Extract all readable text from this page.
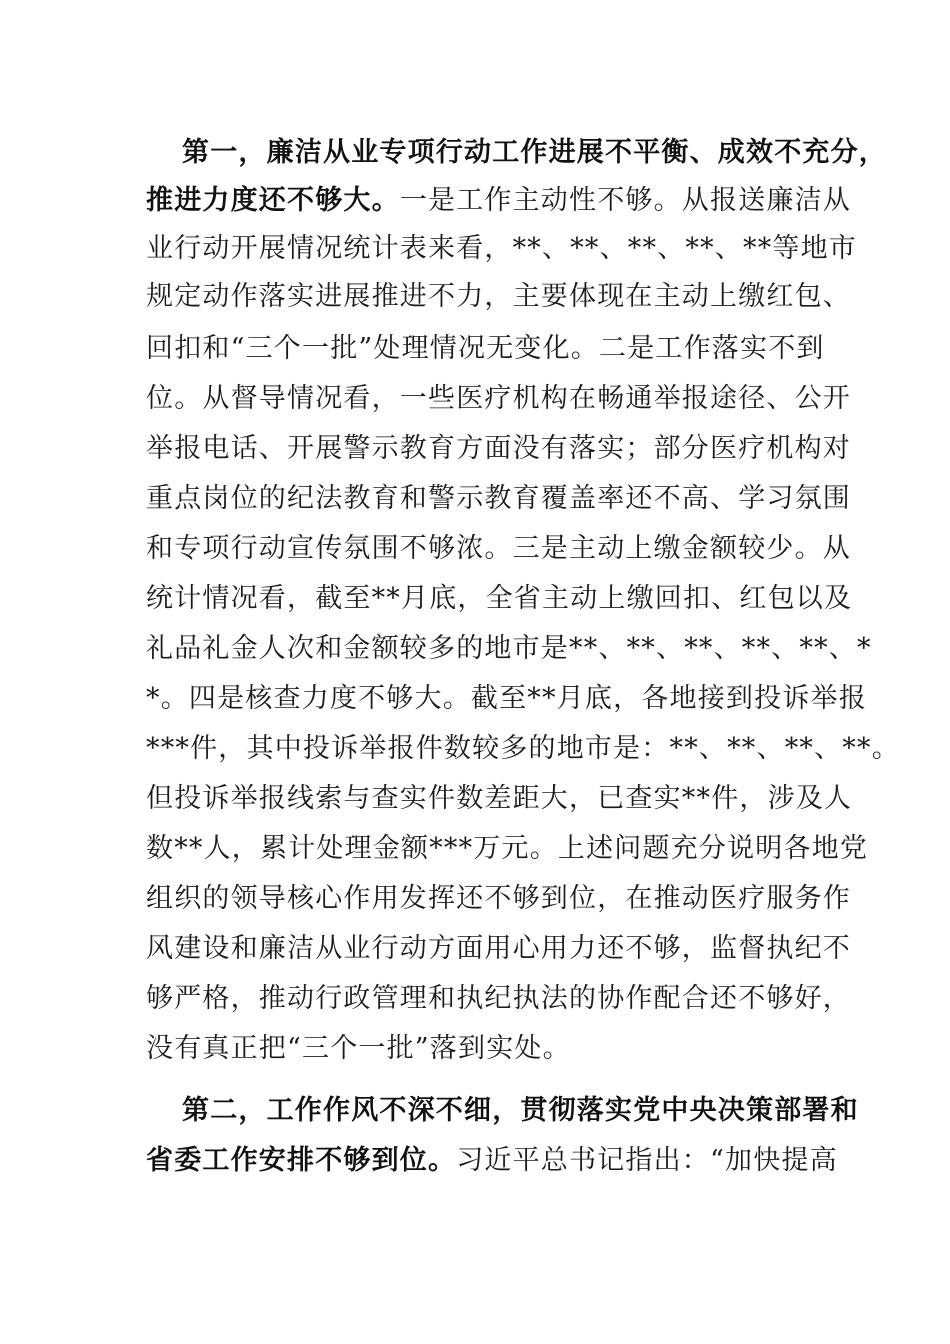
第一，廉洁从业专项行动工作进展不平衡、成效不充分，
推进力度还不够大。一是工作主动性不够。从报送廉洁从
业行动开展情况统计表来看，**、**、**、**、**等地市
规定动作落实进展推进不力，主要体现在主动上缴红包、
回扣和“三个一批”处理情况无变化。二是工作落实不到
位。从督导情况看，一些医疗机构在畅通举报途径、公开
举报电话、开展警示教育方面没有落实；部分医疗机构对
重点岗位的纪法教育和警示教育覆盖率还不高、学习氛围
和专项行动宣传氛围不够浓。三是主动上缴金额较少。从
统计情况看，截至**月底，全省主动上缴回扣、红包以及
礼品礼金人次和金额较多的地市是**、**、**、**、**、*
*。四是核查力度不够大。截至**月底，各地接到投诉举报
***件，其中投诉举报件数较多的地市是：**、**、**、**。
但投诉举报线索与查实件数差距大，已查实**件，涉及人
数**人，累计处理金额***万元。上述问题充分说明各地党
组织的领导核心作用发挥还不够到位，在推动医疗服务作
风建设和廉洁从业行动方面用心用力还不够，监督执纪不
够严格，推动行政管理和执纪执法的协作配合还不够好，
没有真正把“三个一批”落到实处。
第二，工作作风不深不细，贯彻落实党中央决策部署和
省委工作安排不够到位。习近平总书记指出：“加快提高
